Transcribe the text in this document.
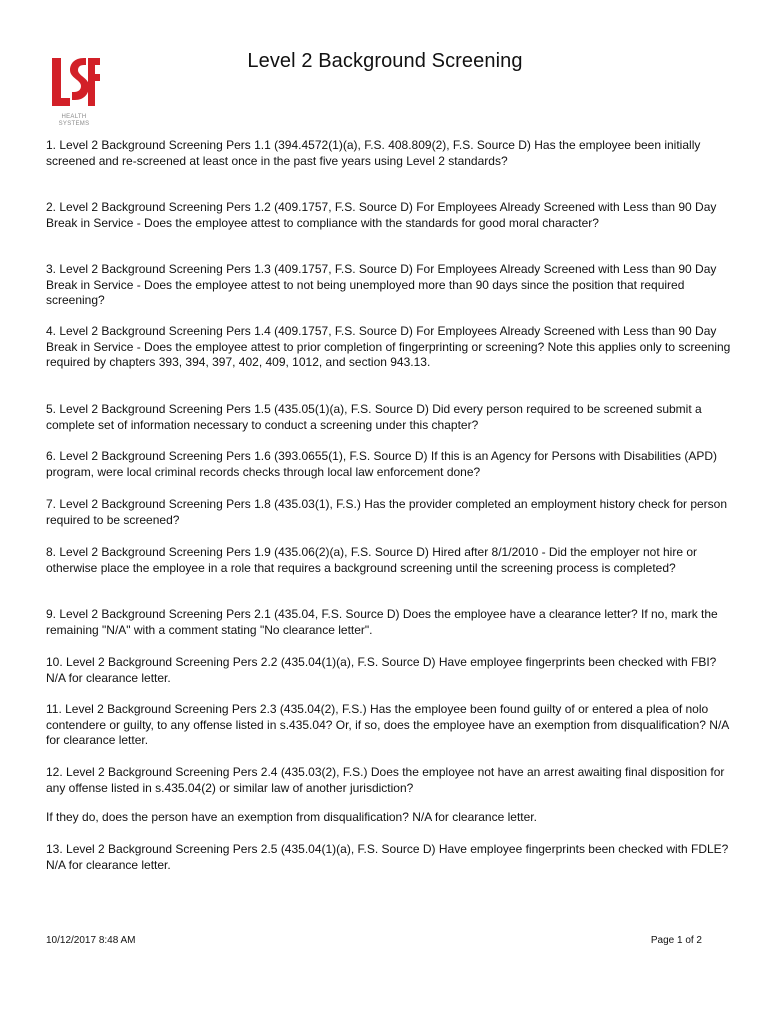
HEALTH SYSTEMS
Level 2 Background Screening

1. Level 2 Background Screening Pers 1.1 (394.4572(1)(a), F.S. 408.809(2), F.S. Source D) Has the employee been initially screened and re-screened at least once in the past five years using Level 2 standards?

2. Level 2 Background Screening Pers 1.2 (409.1757, F.S. Source D) For Employees Already Screened with Less than 90 Day Break in Service - Does the employee attest to compliance with the standards for good moral character?

3. Level 2 Background Screening Pers 1.3 (409.1757, F.S. Source D) For Employees Already Screened with Less than 90 Day Break in Service - Does the employee attest to not being unemployed more than 90 days since the position that required screening?

4. Level 2 Background Screening Pers 1.4 (409.1757, F.S. Source D) For Employees Already Screened with Less than 90 Day Break in Service - Does the employee attest to prior completion of fingerprinting or screening? Note this applies only to screening required by chapters 393, 394, 397, 402, 409, 1012, and section 943.13.

5. Level 2 Background Screening Pers 1.5 (435.05(1)(a), F.S. Source D) Did every person required to be screened submit a complete set of information necessary to conduct a screening under this chapter?

6. Level 2 Background Screening Pers 1.6 (393.0655(1), F.S. Source D) If this is an Agency for Persons with Disabilities (APD) program, were local criminal records checks through local law enforcement done?

7. Level 2 Background Screening Pers 1.8 (435.03(1), F.S.) Has the provider completed an employment history check for person required to be screened?

8. Level 2 Background Screening Pers 1.9 (435.06(2)(a), F.S. Source D) Hired after 8/1/2010 - Did the employer not hire or otherwise place the employee in a role that requires a background screening until the screening process is completed?

9. Level 2 Background Screening Pers 2.1 (435.04, F.S. Source D) Does the employee have a clearance letter? If no, mark the remaining "N/A" with a comment stating "No clearance letter".

10. Level 2 Background Screening Pers 2.2 (435.04(1)(a), F.S. Source D) Have employee fingerprints been checked with FBI? N/A for clearance letter.

11. Level 2 Background Screening Pers 2.3 (435.04(2), F.S.) Has the employee been found guilty of or entered a plea of nolo contendere or guilty, to any offense listed in s.435.04? Or, if so, does the employee have an exemption from disqualification? N/A for clearance letter.

12. Level 2 Background Screening Pers 2.4 (435.03(2), F.S.) Does the employee not have an arrest awaiting final disposition for any offense listed in s.435.04(2) or similar law of another jurisdiction?

If they do, does the person have an exemption from disqualification? N/A for clearance letter.

13. Level 2 Background Screening Pers 2.5 (435.04(1)(a), F.S. Source D) Have employee fingerprints been checked with FDLE? N/A for clearance letter.

10/12/2017 8:48 AM	Page 1 of 2
